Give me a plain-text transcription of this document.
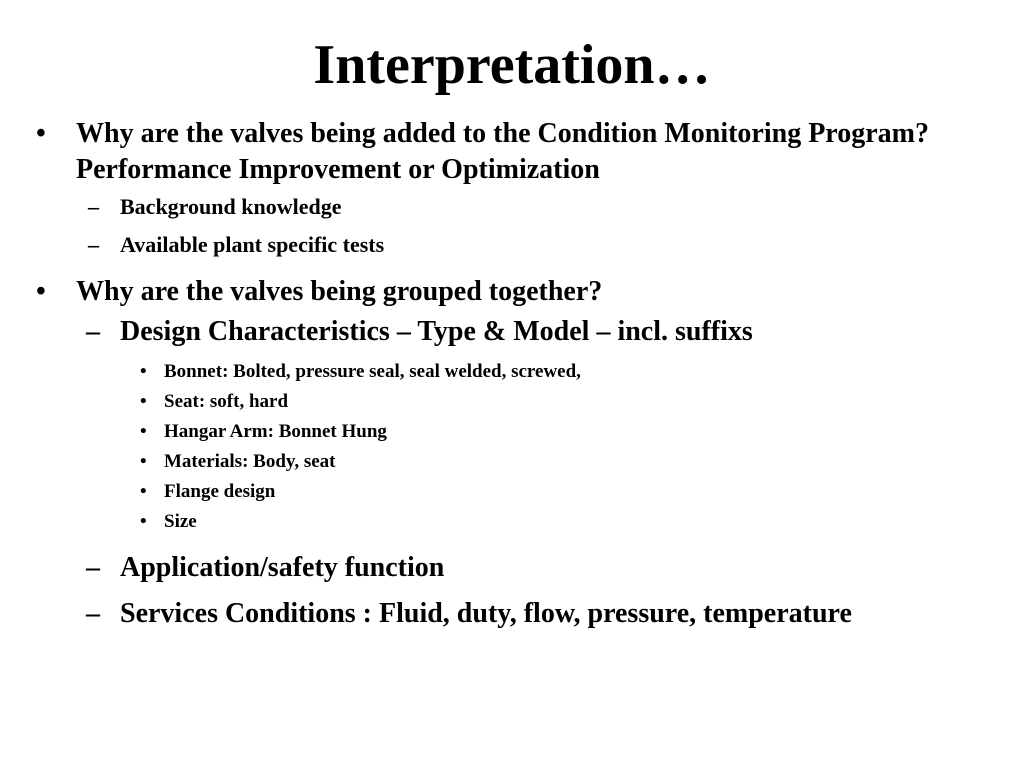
Interpretation…
• Why are the valves being added to the Condition Monitoring Program? Performance Improvement or Optimization
– Background knowledge
– Available plant specific tests
• Why are the valves being grouped together?
– Design Characteristics – Type & Model – incl. suffixs
• Bonnet: Bolted, pressure seal, seal welded, screwed,
• Seat: soft, hard
• Hangar Arm: Bonnet Hung
• Materials: Body, seat
• Flange design
• Size
– Application/safety function
– Services Conditions : Fluid, duty, flow, pressure, temperature
